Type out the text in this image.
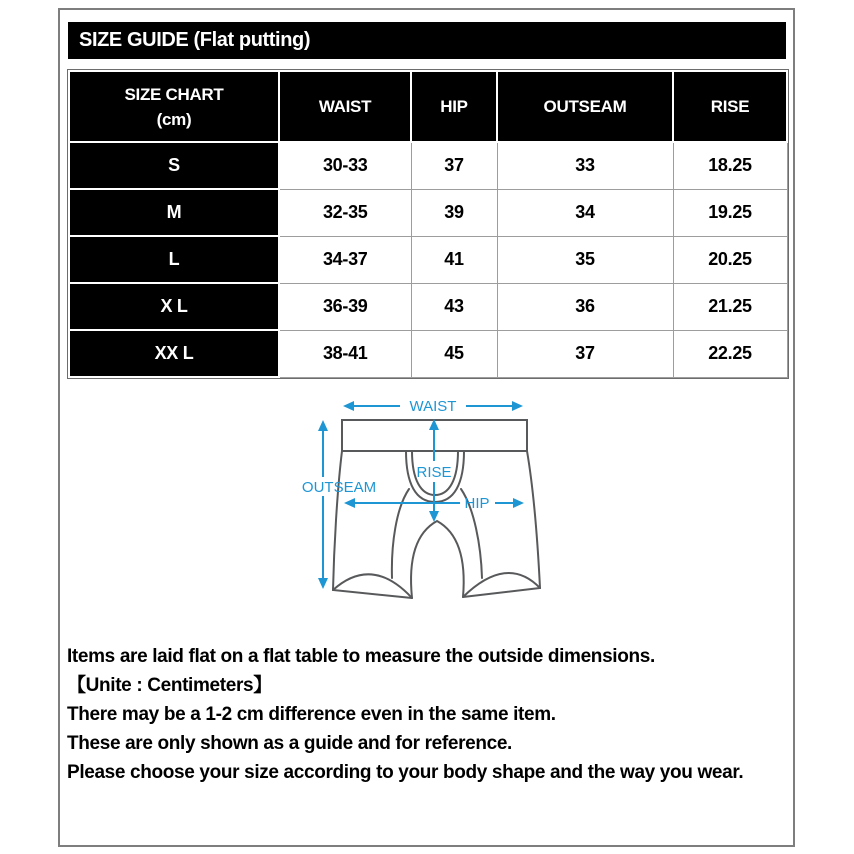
SIZE GUIDE (Flat putting)
SIZE CHART
(cm)	WAIST	HIP	OUTSEAM	RISE
S	30-33	37	33	18.25
M	32-35	39	34	19.25
L	34-37	41	35	20.25
X L	36-39	43	36	21.25
XX L	38-41	45	37	22.25
WAIST
OUTSEAM
RISE
HIP
Items are laid flat on a flat table to measure the outside dimensions.
【Unite : Centimeters】
There may be a 1-2 cm difference even in the same item.
These are only shown as a guide and for reference.
Please choose your size according to your body shape and the way you wear.
